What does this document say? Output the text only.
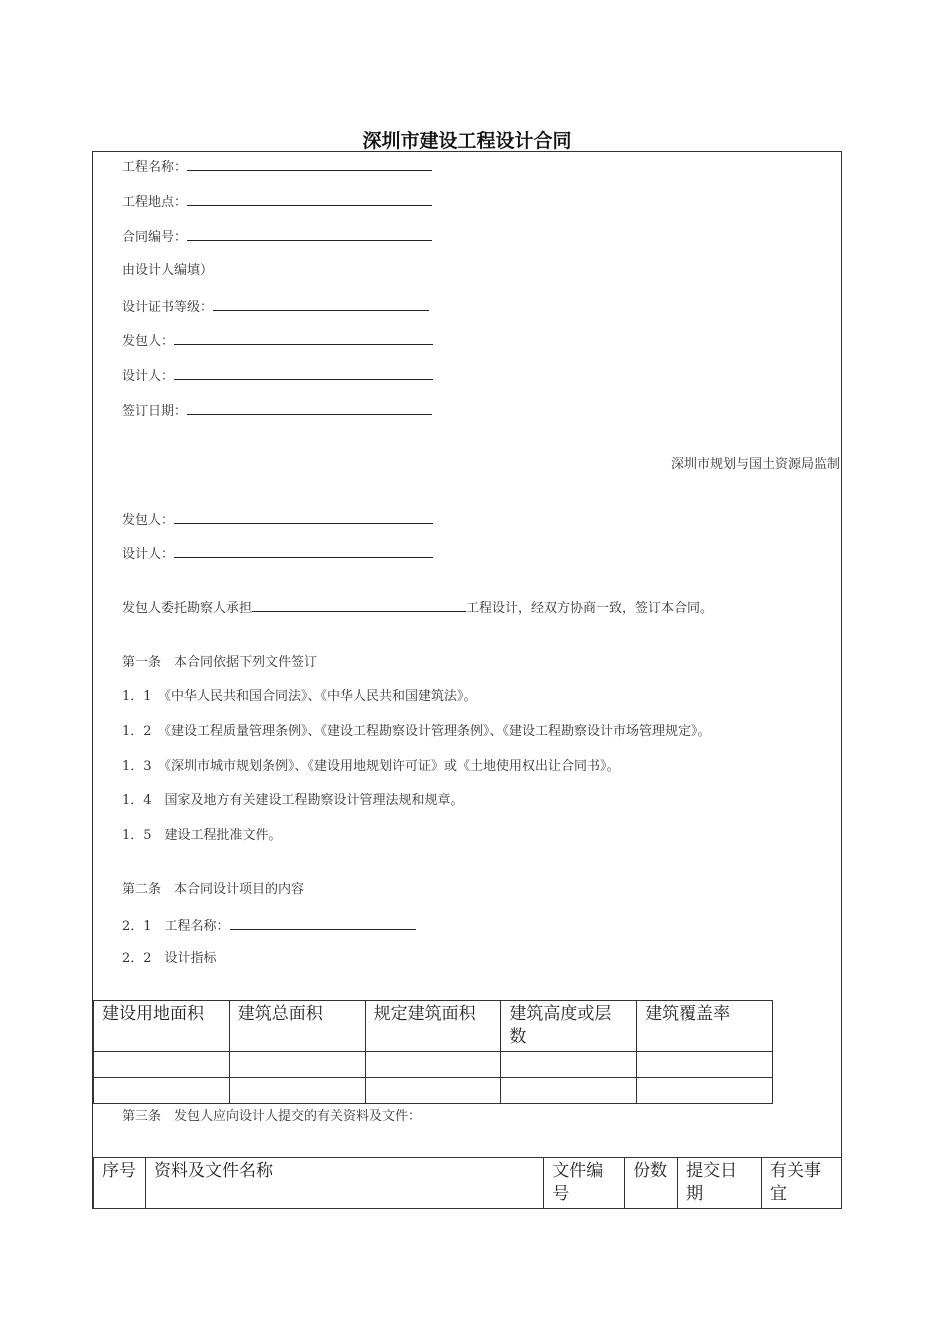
深圳市建设工程设计合同
工程名称：
工程地点：
合同编号：
由设计人编填）
设计证书等级：
发包人：
设计人：
签订日期：
深圳市规划与国土资源局监制
发包人：
设计人：
发包人委托勘察人承担	工程设计，经双方协商一致，签订本合同。
第一条　本合同依据下列文件签订
1．1　《中华人民共和国合同法》、《中华人民共和国建筑法》。
1．2　《建设工程质量管理条例》、《建设工程勘察设计管理条例》、《建设工程勘察设计市场管理规定》。
1．3　《深圳市城市规划条例》、《建设用地规划许可证》或《土地使用权出让合同书》。
1．4　国家及地方有关建设工程勘察设计管理法规和规章。
1．5　建设工程批准文件。
第二条　本合同设计项目的内容
2．1　工程名称：
2．2　设计指标
建设用地面积	建筑总面积	规定建筑面积	建筑高度或层数	建筑覆盖率

第三条　发包人应向设计人提交的有关资料及文件：
序号	资料及文件名称	文件编号	份数	提交日期	有关事宜
